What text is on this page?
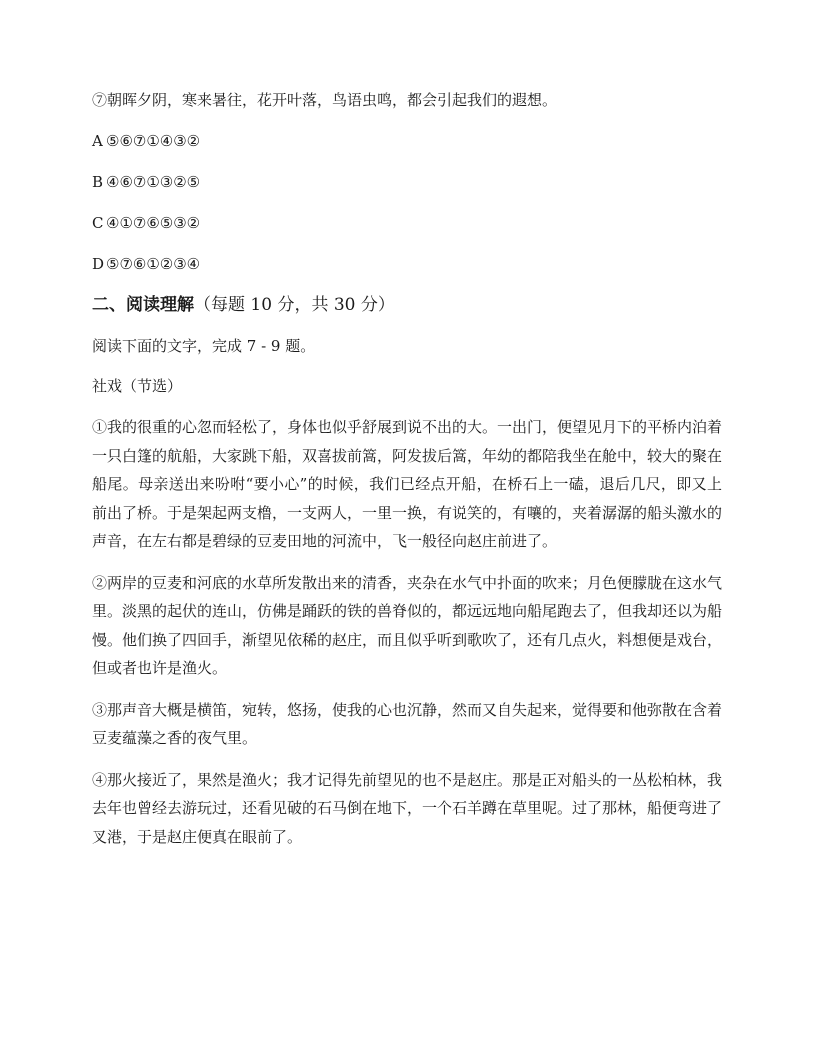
⑦朝晖夕阴，寒来暑往，花开叶落，鸟语虫鸣，都会引起我们的遐想。

A ⑤⑥⑦①④③②

B ④⑥⑦①③②⑤

C ④①⑦⑥⑤③②

D ⑤⑦⑥①②③④

二、阅读理解（每题 10 分，共 30 分）

阅读下面的文字，完成 7 - 9 题。

社戏（节选）

①我的很重的心忽而轻松了，身体也似乎舒展到说不出的大。一出门，便望见月下的平桥内泊着一只白篷的航船，大家跳下船，双喜拔前篙，阿发拔后篙，年幼的都陪我坐在舱中，较大的聚在船尾。母亲送出来吩咐“要小心”的时候，我们已经点开船，在桥石上一磕，退后几尺，即又上前出了桥。于是架起两支橹，一支两人，一里一换，有说笑的，有嚷的，夹着潺潺的船头激水的声音，在左右都是碧绿的豆麦田地的河流中，飞一般径向赵庄前进了。

②两岸的豆麦和河底的水草所发散出来的清香，夹杂在水气中扑面的吹来；月色便朦胧在这水气里。淡黑的起伏的连山，仿佛是踊跃的铁的兽脊似的，都远远地向船尾跑去了，但我却还以为船慢。他们换了四回手，渐望见依稀的赵庄，而且似乎听到歌吹了，还有几点火，料想便是戏台，但或者也许是渔火。

③那声音大概是横笛，宛转，悠扬，使我的心也沉静，然而又自失起来，觉得要和他弥散在含着豆麦蕴藻之香的夜气里。

④那火接近了，果然是渔火；我才记得先前望见的也不是赵庄。那是正对船头的一丛松柏林，我去年也曾经去游玩过，还看见破的石马倒在地下，一个石羊蹲在草里呢。过了那林，船便弯进了叉港，于是赵庄便真在眼前了。
